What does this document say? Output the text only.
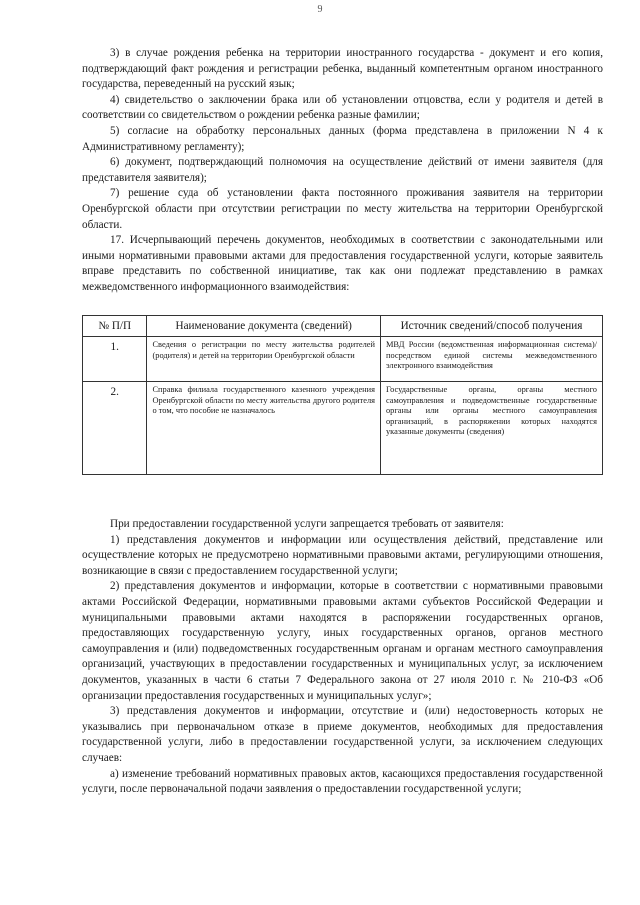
9

3) в случае рождения ребенка на территории иностранного государства - документ и его копия, подтверждающий факт рождения и регистрации ребенка, выданный компетентным органом иностранного государства, переведенный на русский язык;

4) свидетельство о заключении брака или об установлении отцовства, если у родителя и детей в соответствии со свидетельством о рождении ребенка разные фамилии;

5) согласие на обработку персональных данных (форма представлена в приложении N 4 к Административному регламенту);

6) документ, подтверждающий полномочия на осуществление действий от имени заявителя (для представителя заявителя);

7) решение суда об установлении факта постоянного проживания заявителя на территории Оренбургской области при отсутствии регистрации по месту жительства на территории Оренбургской области.

17. Исчерпывающий перечень документов, необходимых в соответствии с законодательными или иными нормативными правовыми актами для предоставления государственной услуги, которые заявитель вправе представить по собственной инициативе, так как они подлежат представлению в рамках межведомственного информационного взаимодействия:

№ П/П	Наименование документа (сведений)	Источник сведений/способ получения
1.	Сведения о регистрации по месту жительства родителей (родителя) и детей на территории Оренбургской области	МВД России (ведомственная информационная система)/посредством единой системы межведомственного электронного взаимодействия
2.	Справка филиала государственного казенного учреждения Оренбургской области по месту жительства другого родителя о том, что пособие не назначалось	Государственные органы, органы местного самоуправления и подведомственные государственные органы или органы местного самоуправления организаций, в распоряжении которых находятся указанные документы (сведения)

При предоставлении государственной услуги запрещается требовать от заявителя:

1) представления документов и информации или осуществления действий, представление или осуществление которых не предусмотрено нормативными правовыми актами, регулирующими отношения, возникающие в связи с предоставлением государственной услуги;

2) представления документов и информации, которые в соответствии с нормативными правовыми актами Российской Федерации, нормативными правовыми актами субъектов Российской Федерации и муниципальными правовыми актами находятся в распоряжении государственных органов, предоставляющих государственную услугу, иных государственных органов, органов местного самоуправления и (или) подведомственных государственным органам и органам местного самоуправления организаций, участвующих в предоставлении государственных и муниципальных услуг, за исключением документов, указанных в части 6 статьи 7 Федерального закона от 27 июля 2010 г. № 210-ФЗ «Об организации предоставления государственных и муниципальных услуг»;

3) представления документов и информации, отсутствие и (или) недостоверность которых не указывались при первоначальном отказе в приеме документов, необходимых для предоставления государственной услуги, либо в предоставлении государственной услуги, за исключением следующих случаев:

а) изменение требований нормативных правовых актов, касающихся предоставления государственной услуги, после первоначальной подачи заявления о предоставлении государственной услуги;
